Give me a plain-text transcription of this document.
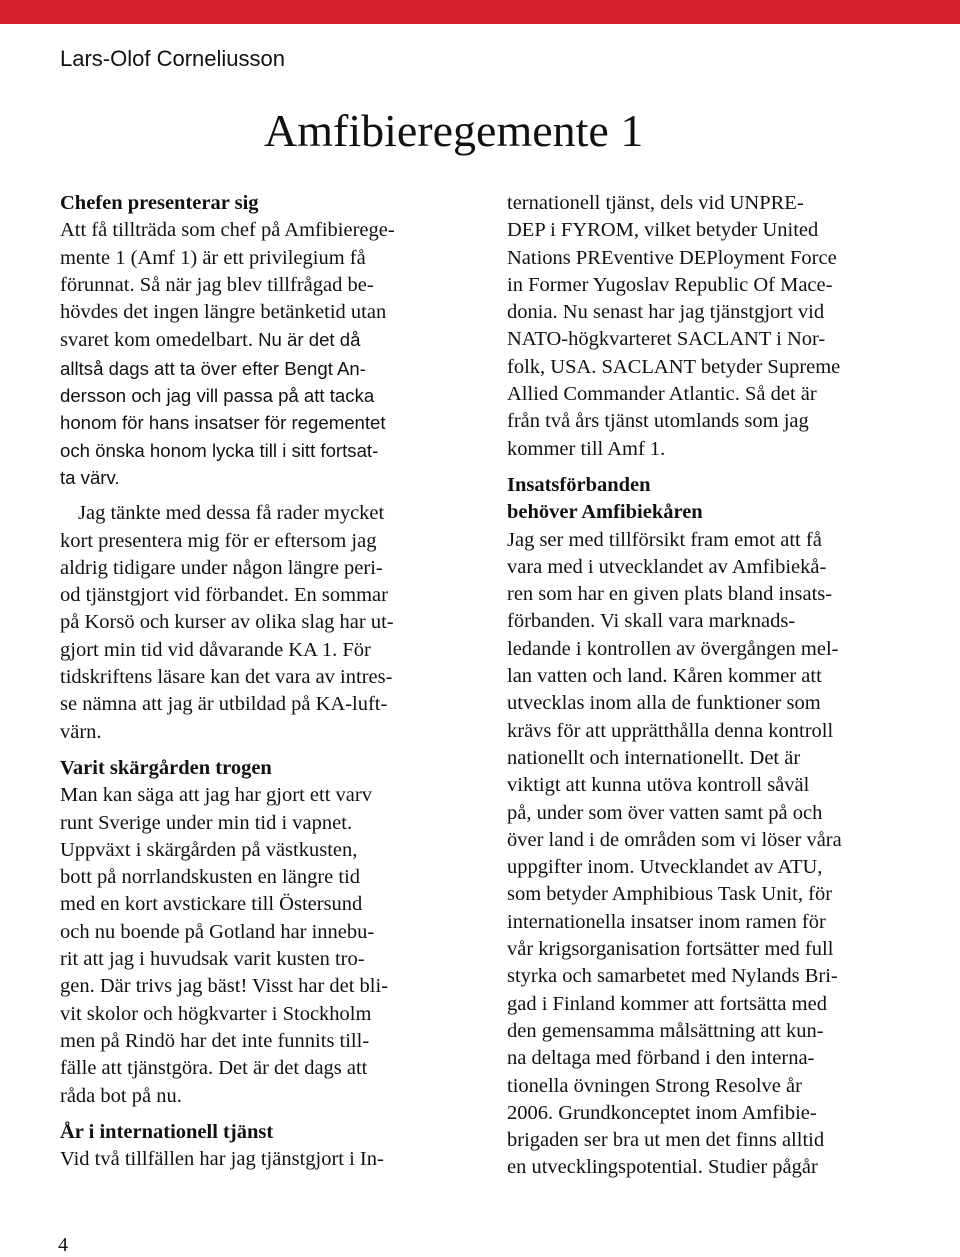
Lars-Olof Corneliusson
Amfibieregemente 1
Chefen presenterar sig
Att få tillträda som chef på Amfibierege-
mente 1 (Amf 1) är ett privilegium få
förunnat. Så när jag blev tillfrågad be-
hövdes det ingen längre betänketid utan
svaret kom omedelbart. Nu är det då
alltså dags att ta över efter Bengt An-
dersson och jag vill passa på att tacka
honom för hans insatser för regementet
och önska honom lycka till i sitt fortsat-
ta värv.
Jag tänkte med dessa få rader mycket
kort presentera mig för er eftersom jag
aldrig tidigare under någon längre peri-
od tjänstgjort vid förbandet. En sommar
på Korsö och kurser av olika slag har ut-
gjort min tid vid dåvarande KA 1. För
tidskriftens läsare kan det vara av intres-
se nämna att jag är utbildad på KA-luft-
värn.
Varit skärgården trogen
Man kan säga att jag har gjort ett varv
runt Sverige under min tid i vapnet.
Uppväxt i skärgården på västkusten,
bott på norrlandskusten en längre tid
med en kort avstickare till Östersund
och nu boende på Gotland har innebu-
rit att jag i huvudsak varit kusten tro-
gen. Där trivs jag bäst! Visst har det bli-
vit skolor och högkvarter i Stockholm
men på Rindö har det inte funnits till-
fälle att tjänstgöra. Det är det dags att
råda bot på nu.
År i internationell tjänst
Vid två tillfällen har jag tjänstgjort i In-
ternationell tjänst, dels vid UNPRE-
DEP i FYROM, vilket betyder United
Nations PREventive DEPloyment Force
in Former Yugoslav Republic Of Mace-
donia. Nu senast har jag tjänstgjort vid
NATO-högkvarteret SACLANT i Nor-
folk, USA. SACLANT betyder Supreme
Allied Commander Atlantic. Så det är
från två års tjänst utomlands som jag
kommer till Amf 1.
Insatsförbanden
behöver Amfibiekåren
Jag ser med tillförsikt fram emot att få
vara med i utvecklandet av Amfibiekå-
ren som har en given plats bland insats-
förbanden. Vi skall vara marknads-
ledande i kontrollen av övergången mel-
lan vatten och land. Kåren kommer att
utvecklas inom alla de funktioner som
krävs för att upprätthålla denna kontroll
nationellt och internationellt. Det är
viktigt att kunna utöva kontroll såväl
på, under som över vatten samt på och
över land i de områden som vi löser våra
uppgifter inom. Utvecklandet av ATU,
som betyder Amphibious Task Unit, för
internationella insatser inom ramen för
vår krigsorganisation fortsätter med full
styrka och samarbetet med Nylands Bri-
gad i Finland kommer att fortsätta med
den gemensamma målsättning att kun-
na deltaga med förband i den interna-
tionella övningen Strong Resolve år
2006. Grundkonceptet inom Amfibie-
brigaden ser bra ut men det finns alltid
en utvecklingspotential. Studier pågår
4
